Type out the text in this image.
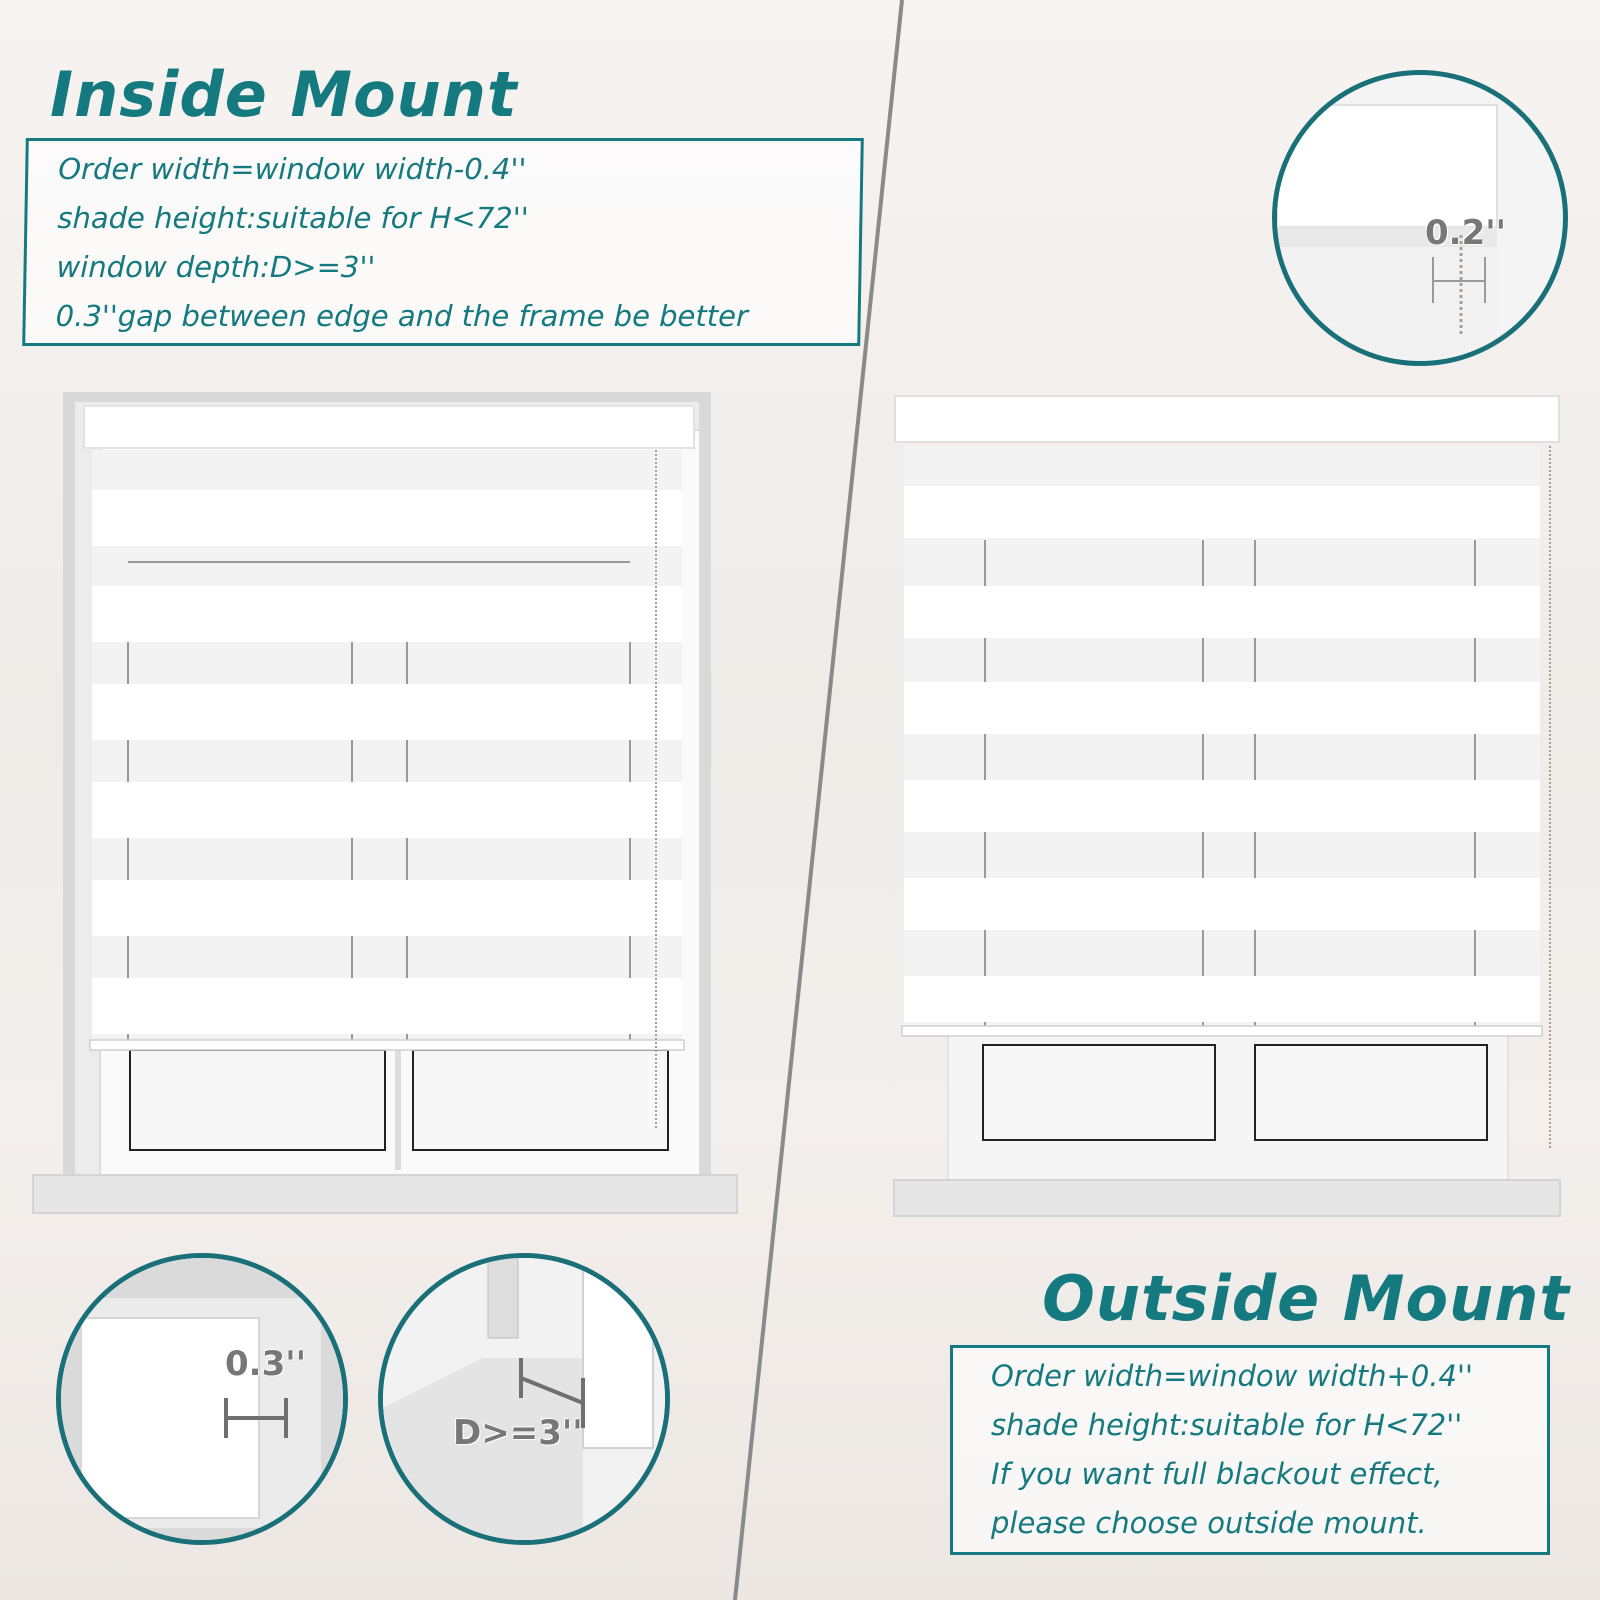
Inside Mount
Order width=window width-0.4''
shade height:suitable for H<72''
window depth:D>=3''
0.3''gap between edge and the frame be better
0.2''
0.3''
D>=3''
Outside Mount
Order width=window width+0.4''
shade height:suitable for H<72''
If you want full blackout effect,
please choose outside mount.
